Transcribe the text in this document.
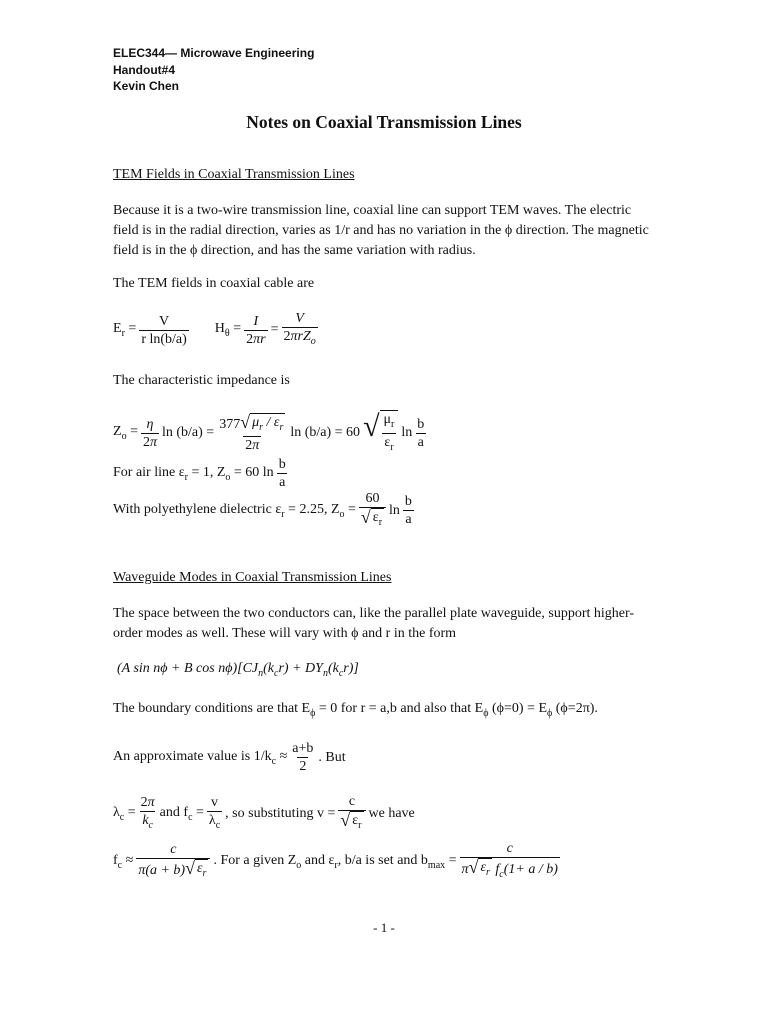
ELEC344— Microwave Engineering
Handout#4
Kevin Chen
Notes on Coaxial Transmission Lines
TEM Fields in Coaxial Transmission Lines
Because it is a two-wire transmission line, coaxial line can support TEM waves. The electric field is in the radial direction, varies as 1/r and has no variation in the ϕ direction. The magnetic field is in the ϕ direction, and has the same variation with radius.
The TEM fields in coaxial cable are
$E_r = \frac{V}{\text{r ln(b/a)}} H_\theta = \frac{I}{2\pi r} = \frac{V}{2\pi rZ_o}$
The characteristic impedance is
$Z_o = \frac{\eta}{2\pi}$ $\ln (b/a) = \frac{377 √ \mu_r / \varepsilon_r}{2\pi}$ ln (b/a) = 60 √ $\frac{\mu_r}{\varepsilon_r}$ $\ln \frac{b}{a}$
For air line $\varepsilon_r = 1$, $Z_o = 60$ $\ln \frac{b}{a}$
With polyethylene dielectric $\varepsilon_r = 2.25$, $Z_o = \frac{60}{√ \varepsilon_r}$ $\ln \frac{b}{a}$
Waveguide Modes in Coaxial Transmission Lines
The space between the two conductors can, like the parallel plate waveguide, support higher-order modes as well. These will vary with ϕ and r in the form
(A sin nϕ + B $\cos n\phi)[CJ_n(k_cr) + DY_n(k_cr)]$
The boundary conditions are that $E_\phi = 0$ for r = a,b and also that $E_\phi$ $(\phi=0) = E_\phi$ (ϕ=2π).
An approximate value is $1/k_c \approx \frac{a+b}{2}$ . But
$\lambda_c = \frac{2\pi}{k_c}$ and $f_c = \frac{v}{\lambda_c}$ , so substituting $v = \frac{c}{√ \varepsilon_r}$ we have
$f_c \approx \frac{c}{\pi(a + b) √ \varepsilon_r}$ . For a given $Z_o$ and $\varepsilon_r$, b/a is set and $b_{max} = \frac{c}{\pi √ \varepsilon_r f_c(1+ a / b)}$
- 1 -
